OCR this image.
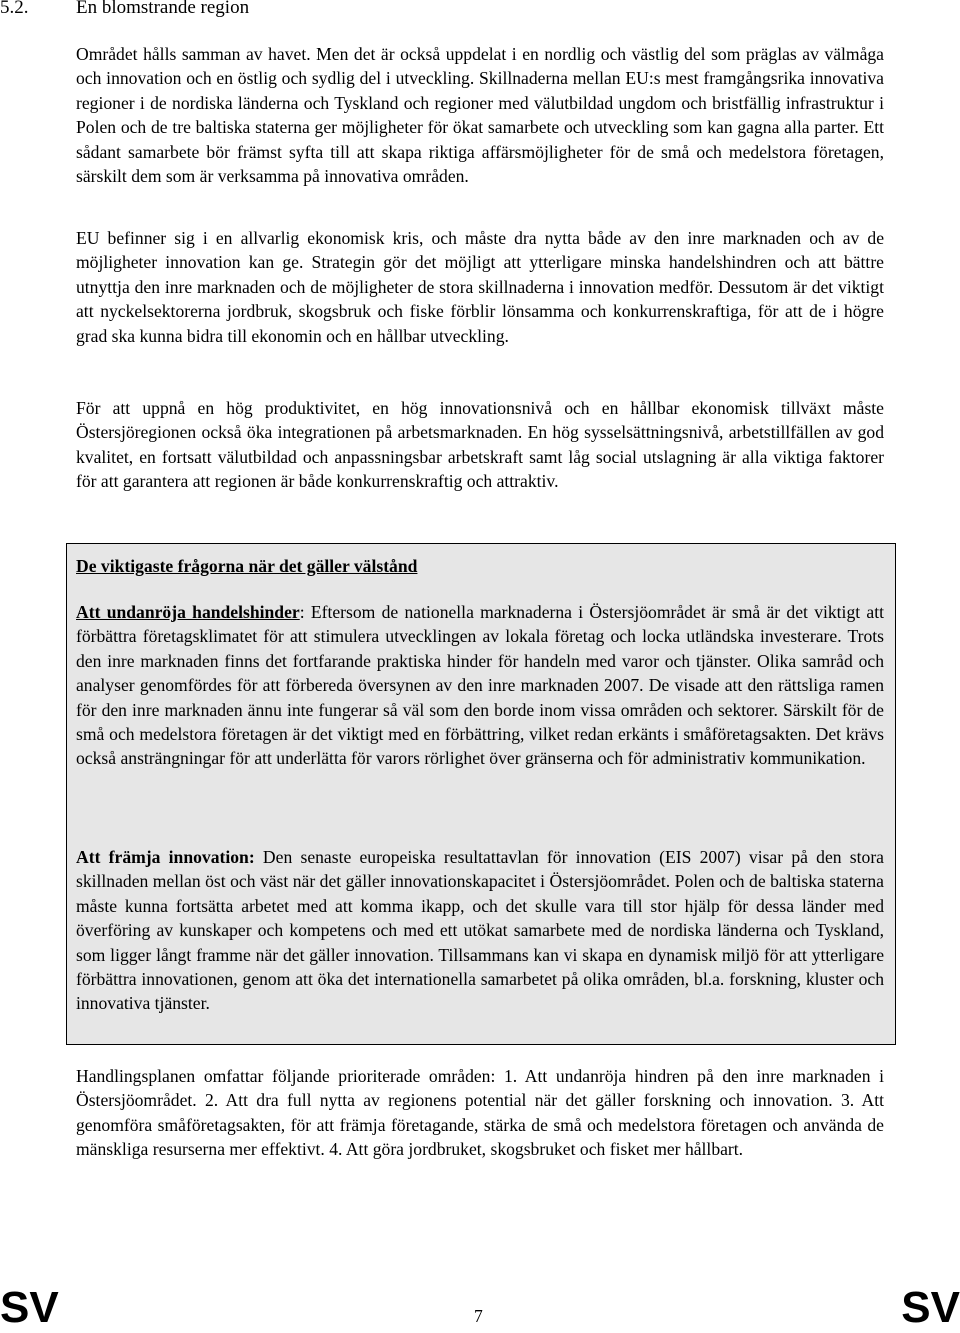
5.2.	En blomstrande region

Området hålls samman av havet. Men det är också uppdelat i en nordlig och västlig del som präglas av välmåga och innovation och en östlig och sydlig del i utveckling. Skillnaderna mellan EU:s mest framgångsrika innovativa regioner i de nordiska länderna och Tyskland och regioner med välutbildad ungdom och bristfällig infrastruktur i Polen och de tre baltiska staterna ger möjligheter för ökat samarbete och utveckling som kan gagna alla parter. Ett sådant samarbete bör främst syfta till att skapa riktiga affärsmöjligheter för de små och medelstora företagen, särskilt dem som är verksamma på innovativa områden.

EU befinner sig i en allvarlig ekonomisk kris, och måste dra nytta både av den inre marknaden och av de möjligheter innovation kan ge. Strategin gör det möjligt att ytterligare minska handelshindren och att bättre utnyttja den inre marknaden och de möjligheter de stora skillnaderna i innovation medför. Dessutom är det viktigt att nyckelsektorerna jordbruk, skogsbruk och fiske förblir lönsamma och konkurrenskraftiga, för att de i högre grad ska kunna bidra till ekonomin och en hållbar utveckling.

För att uppnå en hög produktivitet, en hög innovationsnivå och en hållbar ekonomisk tillväxt måste Östersjöregionen också öka integrationen på arbetsmarknaden. En hög sysselsättningsnivå, arbetstillfällen av god kvalitet, en fortsatt välutbildad och anpassningsbar arbetskraft samt låg social utslagning är alla viktiga faktorer för att garantera att regionen är både konkurrenskraftig och attraktiv.

De viktigaste frågorna när det gäller välstånd

Att undanröja handelshinder: Eftersom de nationella marknaderna i Östersjöområdet är små är det viktigt att förbättra företagsklimatet för att stimulera utvecklingen av lokala företag och locka utländska investerare. Trots den inre marknaden finns det fortfarande praktiska hinder för handeln med varor och tjänster. Olika samråd och analyser genomfördes för att förbereda översynen av den inre marknaden 2007. De visade att den rättsliga ramen för den inre marknaden ännu inte fungerar så väl som den borde inom vissa områden och sektorer. Särskilt för de små och medelstora företagen är det viktigt med en förbättring, vilket redan erkänts i småföretagsakten. Det krävs också ansträngningar för att underlätta för varors rörlighet över gränserna och för administrativ kommunikation.

Att främja innovation: Den senaste europeiska resultattavlan för innovation (EIS 2007) visar på den stora skillnaden mellan öst och väst när det gäller innovationskapacitet i Östersjöområdet. Polen och de baltiska staterna måste kunna fortsätta arbetet med att komma ikapp, och det skulle vara till stor hjälp för dessa länder med överföring av kunskaper och kompetens och med ett utökat samarbete med de nordiska länderna och Tyskland, som ligger långt framme när det gäller innovation. Tillsammans kan vi skapa en dynamisk miljö för att ytterligare förbättra innovationen, genom att öka det internationella samarbetet på olika områden, bl.a. forskning, kluster och innovativa tjänster.

Handlingsplanen omfattar följande prioriterade områden: 1. Att undanröja hindren på den inre marknaden i Östersjöområdet. 2. Att dra full nytta av regionens potential när det gäller forskning och innovation. 3. Att genomföra småföretagsakten, för att främja företagande, stärka de små och medelstora företagen och använda de mänskliga resurserna mer effektivt. 4. Att göra jordbruket, skogsbruket och fisket mer hållbart.

SV	7	SV
